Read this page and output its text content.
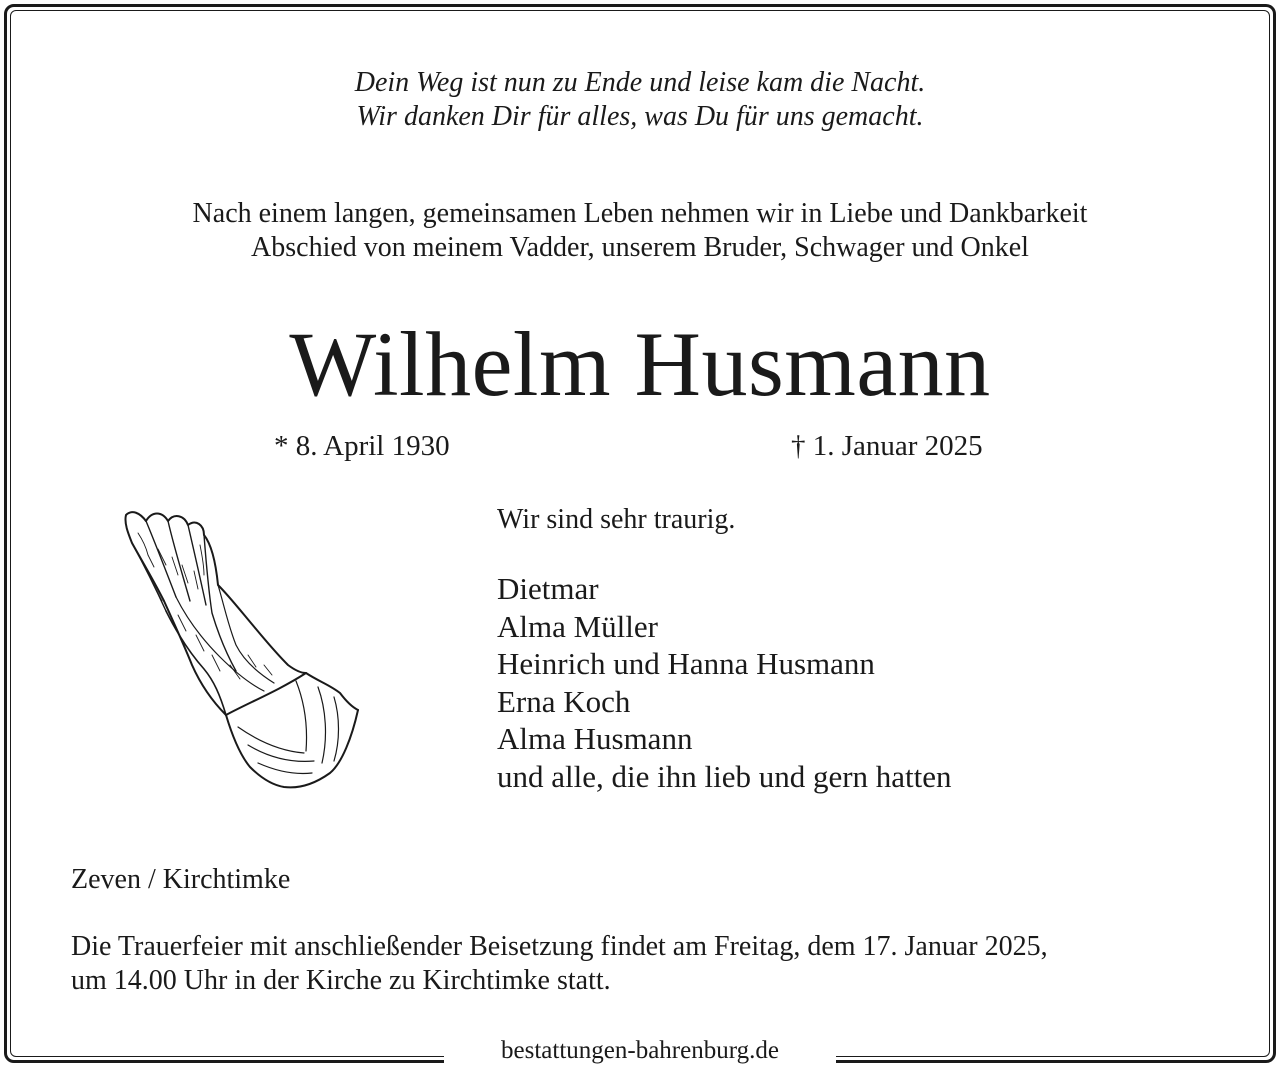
Dein Weg ist nun zu Ende und leise kam die Nacht.
Wir danken Dir für alles, was Du für uns gemacht.
Nach einem langen, gemeinsamen Leben nehmen wir in Liebe und Dankbarkeit
Abschied von meinem Vadder, unserem Bruder, Schwager und Onkel
Wilhelm Husmann
* 8. April 1930	† 1. Januar 2025
Wir sind sehr traurig.
Dietmar
Alma Müller
Heinrich und Hanna Husmann
Erna Koch
Alma Husmann
und alle, die ihn lieb und gern hatten
Zeven / Kirchtimke
Die Trauerfeier mit anschließender Beisetzung findet am Freitag, dem 17. Januar 2025,
um 14.00 Uhr in der Kirche zu Kirchtimke statt.
bestattungen-bahrenburg.de
